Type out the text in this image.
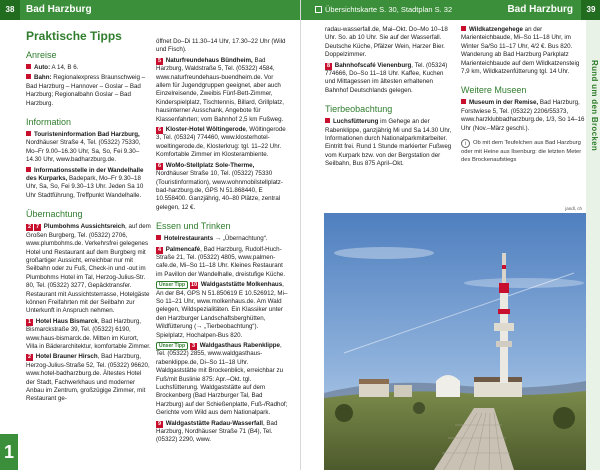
38	Bad Harzburg
Praktische Tipps
Anreise

Auto: A 14, B 6.

Bahn: Regionalexpress Braunschweig – Bad Harzburg – Hannover – Goslar – Bad Harzburg; Regionalbahn Goslar – Bad Harzburg.

Information

Touristeninformation Bad Harzburg, Nordhäuser Straße 4, Tel. (05322) 75330, Mo–Fr 9.00–16.30 Uhr, Sa, So, Fei 9.30–14.30 Uhr, www.badharzburg.de.

Informationsstelle in der Wandelhalle des Kurparks, Badepark, Mo–Fr 9.30–18 Uhr, Sa, So, Fei 9.30–13 Uhr. Jeden Sa 10 Uhr Stadtführung, Treffpunkt Wandelhalle.

Übernachtung

2 7 Plumbohms Aussichtsreich, auf dem Großen Burgberg, Tel. (05322) 2706, www.plumbohms.de. Verkehrsfrei gelegenes Hotel und Restaurant auf dem Burgberg mit großartiger Aussicht, erreichbar nur mit Seilbahn oder zu Fuß, Check-in und -out im Plumbohms Hotel im Tal, Herzog-Julius-Str. 80, Tel. (05322) 3277, Gepäcktransfer. Restaurant mit Aussichtsterrasse, Hotelgäste können Freifahrten mit der Seilbahn zur Unterkunft in Anspruch nehmen.

1 Hotel Haus Bismarck, Bad Harzburg, Bismarckstraße 39, Tel. (05322) 6190, www.haus-bismarck.de. Mitten im Kurort, Villa in Bäderarchitektur, komfortable Zimmer.

2 Hotel Brauner Hirsch, Bad Harzburg, Herzog-Julius-Straße 52, Tel. (05322) 96620, www.hotel-badharzburg.de. Ältestes Hotel der Stadt, Fachwerkhaus und moderner Anbau im Zentrum, großzügige Zimmer, mit Restaurant ge-

öffnet Do–Di 11.30–14 Uhr, 17.30–22 Uhr (Wild und Fisch).

5 Naturfreundehaus Bündheim, Bad Harzburg, Waldstraße 5, Tel. (05322) 4584, www.naturfreundehaus-buendheim.de. Vor allem für Jugendgruppen geeignet, aber auch Einzelreisende, Zweibis Fünf-Bett-Zimmer, Kinderspielplatz, Tischtennis, Billard, Grillplatz, hausinterner Ausschank, Angebote für Klassenfahrten; vom Bahnhof 2,5 km Fußweg.

6 Kloster-Hotel Wöltingerode, Wöltingerode 3, Tel. (05324) 774460, www.klosterhotel-woeltingerode.de, Klosterkrug: tgl. 11–22 Uhr. Komfortable Zimmer im Klosterambiente.

6 WoMo-Stellplatz Sole-Therme, Nordhäuser Straße 10, Tel. (05322) 75330 (Touristinformation), www.wohnmobilstellplatz-bad-harzburg.de, GPS N 51.868440, E 10.558400. Ganzjährig, 40–80 Plätze, zentral gelegen, 12 €.

Essen und Trinken

Hotelrestaurants → „Übernachtung“.

4 Palmencafé, Bad Harzburg, Rudolf-Huch-Straße 21, Tel. (05322) 4805, www.palmen-cafe.de, Mi–So 11–18 Uhr. Kleines Restaurant im Pavillon der Wandelhalle, dreistufige Küche.

Unser Tipp 10 Waldgaststätte Molkenhaus, An der B4, GPS N 51.850619 E 10.526912, Mi–So 11–21 Uhr, www.molkenhaus.de. Am Wald gelegen, Wildspezialitäten. Ein Klassiker unter den Harzburger Landschaftsberghütten, Wildfütterung (→ „Tierbeobachtung“). Spielplatz, Hochalpen-Bus 820.

Unser Tipp 3 Waldgasthaus Rabenklippe, Tel. (05322) 2855, www.waldgasthaus-rabenklippe.de, Di–So 11–18 Uhr. Waldgaststätte mit Brockenblick, erreichbar zu Fuß/mit Buslinie 875: Apr.–Okt. tgl. Luchsfütterung. Waldgaststätte auf dem Brockenberg (Bad Harzburger Tal, Bad Harzburg) auf der Schießenplatte, Fuß-/Radhof; Gerichte vom Wild aus dem Nationalpark.

9 Waldgaststätte Radau-Wasserfall, Bad Harzburg, Nordhäuser Straße 71 (B4), Tel. (05322) 2290, www.

1
Übersichtskarte S. 30, Stadtplan S. 32	Bad Harzburg	39
Rund um den Brocken

radau-wasserfall.de, Mai–Okt. Do–Mo 10–18 Uhr. So. ab 10 Uhr. Sie auf der Wasserfall. Deutsche Küche, Pfälzer Wein, Harzer Bier. Doppelzimmer.

8 Bahnhofscafé Vienenburg, Tel. (05324) 774666, Do–So 11–18 Uhr. Kaffee, Kuchen und Mittagessen im ältesten erhaltenen Bahnhof Deutschlands gelegen.

Tierbeobachtung

Luchsfütterung im Gehege an der Rabenklippe, ganzjährig Mi und Sa 14.30 Uhr, Informationen durch Nationalparkmitarbeiter. Eintritt frei. Rund 1 Stunde markierter Fußweg vom Kurpark bzw. von der Bergstation der Seilbahn, Bus 875 April–Okt.

Wildkatzengehege an der Marienteichbaude, Mi–So 11–18 Uhr, im Winter Sa/So 11–17 Uhr, 4/2 €. Bus 820. Wanderung ab Bad Harzburg Parkplatz Marienteichbaude auf dem Wildkatzensteig 7,9 km, Wildkatzenfütterung tgl. 14 Uhr.

Weitere Museen

Museum in der Remise, Bad Harzburg, Forstwiese 5, Tel. (05322) 2206/55373, www.harzklubbadharzburg.de, 1/3, So 14–16 Uhr (Nov.–März geschl.).

i Ob mit dem Teufelchen aus Bad Harzburg oder mit Heine aus Ilsenburg: die letzten Meter des Brockenaufstiegs
jandl, ch
